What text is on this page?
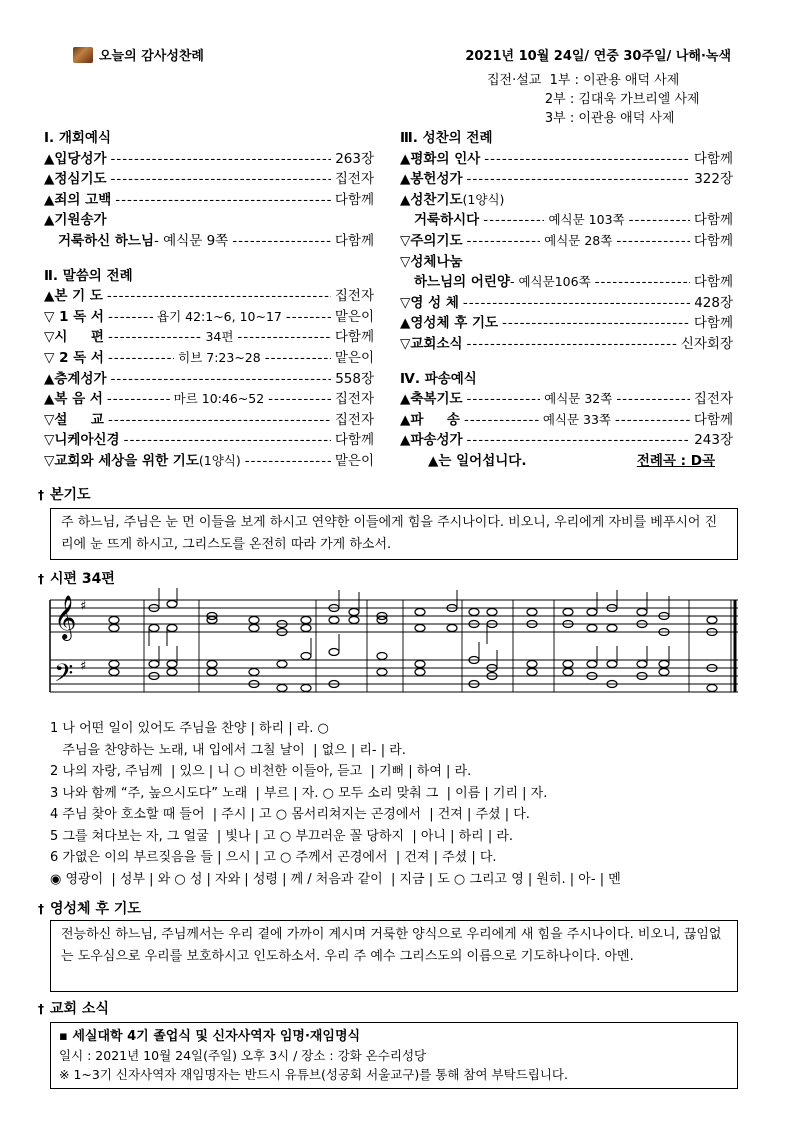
오늘의 감사성찬례	2021년 10월 24일/ 연중 30주일/ 나해·녹색
집전·설교  1부 : 이관용 애덕 사제
2부 : 김대욱 가브리엘 사제
3부 : 이관용 애덕 사제
Ⅰ. 개회예식
▲입당성가 -----	263장
▲정심기도 -----	집전자
▲죄의 고백 -----	다함께
▲기원송가
거룩하신 하느님 - 예식문 9쪽 -----	다함께
Ⅱ. 말씀의 전례
▲본 기 도 -----	집전자
▽ 1 독 서 -----	욥기 42:1~6, 10~17 -----	맡은이
▽시     편 -----	34편 -----	다함께
▽ 2 독 서 -----	히브 7:23~28 -----	맡은이
▲층계성가 -----	558장
▲복 음 서 -----	마르 10:46~52 -----	집전자
▽설     교 -----	집전자
▽니케아신경 -----	다함께
▽교회와 세상을 위한 기도 (1양식) -----	맡은이
Ⅲ. 성찬의 전례
▲평화의 인사 -----	다함께
▲봉헌성가 -----	322장
▲성찬기도 (1양식)
거룩하시다 -----	예식문 103쪽 -----	다함께
▽주의기도 -----	예식문 28쪽 -----	다함께
▽성체나눔
하느님의 어린양 - 예식문106쪽 -----	다함께
▽영 성 체 -----	428장
▲영성체 후 기도 -----	다함께
▽교회소식 -----	신자회장
Ⅳ. 파송예식
▲축복기도 -----	예식문 32쪽 -----	집전자
▲파     송 -----	예식문 33쪽 -----	다함께
▲파송성가 -----	243장
▲는 일어섭니다.	전례곡 : D곡
† 본기도
주 하느님, 주님은 눈 먼 이들을 보게 하시고 연약한 이들에게 힘을 주시나이다. 비오니, 우리에게 자비를 베푸시어 진리에 눈 뜨게 하시고, 그리스도를 온전히 따라 가게 하소서.
† 시편 34편
𝄞
𝄢
♯
♯
1 나 어떤 일이 있어도 주님을 찬양 | 하리 | 라. ○
주님을 찬양하는 노래, 내 입에서 그칠 날이  | 없으 | 리- | 라.
2 나의 자랑, 주님께  | 있으 | 니 ○ 비천한 이들아, 듣고  | 기뻐 | 하여 | 라.
3 나와 함께 “주, 높으시도다” 노래  | 부르 | 자. ○ 모두 소리 맞춰 그  | 이름 | 기리 | 자.
4 주님 찾아 호소할 때 들어  | 주시 | 고 ○ 몸서리쳐지는 곤경에서  | 건져 | 주셨 | 다.
5 그를 쳐다보는 자, 그 얼굴  | 빛나 | 고 ○ 부끄러운 꼴 당하지  | 아니 | 하리 | 라.
6 가엾은 이의 부르짖음을 들 | 으시 | 고 ○ 주께서 곤경에서  | 건져 | 주셨 | 다.
◉ 영광이  | 성부 | 와 ○ 성 | 자와 | 성령 | 께 / 처음과 같이  | 지금 | 도 ○ 그리고 영 | 원히. | 아- | 멘
† 영성체 후 기도
전능하신 하느님, 주님께서는 우리 곁에 가까이 계시며 거룩한 양식으로 우리에게 새 힘을 주시나이다. 비오니, 끊임없는 도우심으로 우리를 보호하시고 인도하소서. 우리 주 예수 그리스도의 이름으로 기도하나이다. 아멘.
† 교회 소식
▪ 세실대학 4기 졸업식 및 신자사역자 임명·재임명식
일시 : 2021년 10월 24일(주일) 오후 3시 / 장소 : 강화 온수리성당
※ 1~3기 신자사역자 재임명자는 반드시 유튜브(성공회 서울교구)를 통해 참여 부탁드립니다.
